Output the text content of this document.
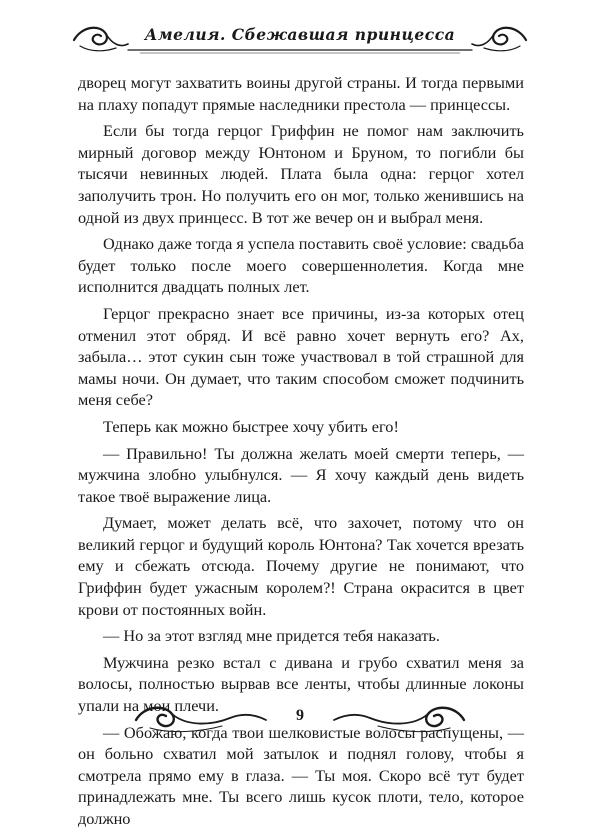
Амелия. Сбежавшая принцесса

дворец могут захватить воины другой страны. И тогда первыми на плаху попадут прямые наследники престола — принцессы.

Если бы тогда герцог Гриффин не помог нам заключить мирный договор между Юнтоном и Бруном, то погибли бы тысячи невинных людей. Плата была одна: герцог хотел заполучить трон. Но получить его он мог, только женившись на одной из двух принцесс. В тот же вечер он и выбрал меня.

Однако даже тогда я успела поставить своё условие: свадьба будет только после моего совершеннолетия. Когда мне исполнится двадцать полных лет.

Герцог прекрасно знает все причины, из-за которых отец отменил этот обряд. И всё равно хочет вернуть его? Ах, забыла… этот сукин сын тоже участвовал в той страшной для мамы ночи. Он думает, что таким способом сможет подчинить меня себе?

Теперь как можно быстрее хочу убить его!

— Правильно! Ты должна желать моей смерти теперь, — мужчина злобно улыбнулся. — Я хочу каждый день видеть такое твоё выражение лица.

Думает, может делать всё, что захочет, потому что он великий герцог и будущий король Юнтона? Так хочется врезать ему и сбежать отсюда. Почему другие не понимают, что Гриффин будет ужасным королем?! Страна окрасится в цвет крови от постоянных войн.

— Но за этот взгляд мне придется тебя наказать.

Мужчина резко встал с дивана и грубо схватил меня за волосы, полностью вырвав все ленты, чтобы длинные локоны упали на мои плечи.

— Обожаю, когда твои шелковистые волосы распущены, — он больно схватил мой затылок и поднял голову, чтобы я смотрела прямо ему в глаза. — Ты моя. Скоро всё тут будет принадлежать мне. Ты всего лишь кусок плоти, тело, которое должно

9
